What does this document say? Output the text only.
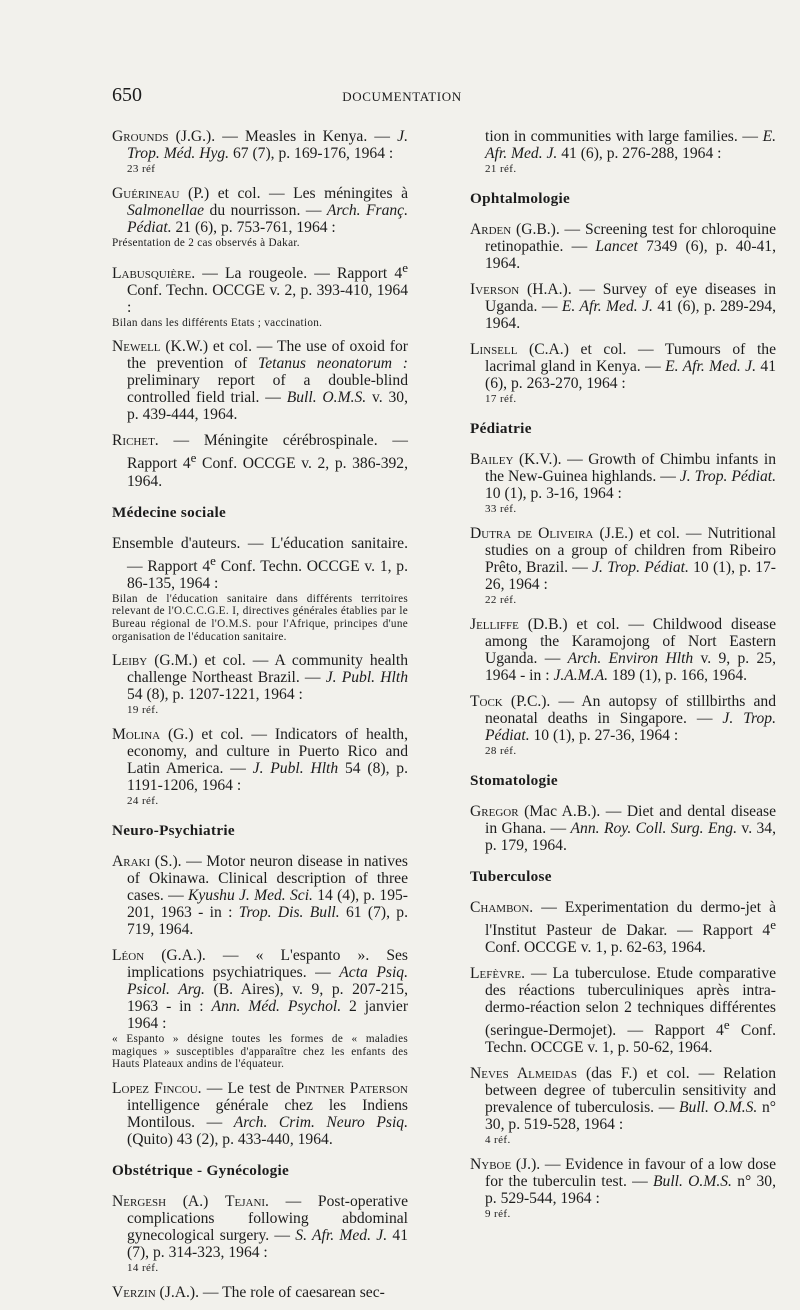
650	DOCUMENTATION
Grounds (J.G.). — Measles in Kenya. — J. Trop. Méd. Hyg. 67 (7), p. 169-176, 1964 :
23 réf
Guérineau (P.) et col. — Les méningites à Salmonellae du nourrisson. — Arch. Franç. Pédiat. 21 (6), p. 753-761, 1964 :
Présentation de 2 cas observés à Dakar.
Labusquière. — La rougeole. — Rapport 4e Conf. Techn. OCCGE v. 2, p. 393-410, 1964 :
Bilan dans les différents Etats ; vaccination.
Newell (K.W.) et col. — The use of oxoid for the prevention of Tetanus neonatorum : preliminary report of a double-blind controlled field trial. — Bull. O.M.S. v. 30, p. 439-444, 1964.
Richet. — Méningite cérébrospinale. — Rapport 4e Conf. OCCGE v. 2, p. 386-392, 1964.
Médecine sociale
Ensemble d'auteurs. — L'éducation sanitaire. — Rapport 4e Conf. Techn. OCCGE v. 1, p. 86-135, 1964 :
Bilan de l'éducation sanitaire dans différents territoires relevant de l'O.C.C.G.E. I, directives générales établies par le Bureau régional de l'O.M.S. pour l'Afrique, principes d'une organisation de l'éducation sanitaire.
Leiby (G.M.) et col. — A community health challenge Northeast Brazil. — J. Publ. Hlth 54 (8), p. 1207-1221, 1964 :
19 réf.
Molina (G.) et col. — Indicators of health, economy, and culture in Puerto Rico and Latin America. — J. Publ. Hlth 54 (8), p. 1191-1206, 1964 :
24 réf.
Neuro-Psychiatrie
Araki (S.). — Motor neuron disease in natives of Okinawa. Clinical description of three cases. — Kyushu J. Med. Sci. 14 (4), p. 195-201, 1963 - in : Trop. Dis. Bull. 61 (7), p. 719, 1964.
Léon (G.A.). — « L'espanto ». Ses implications psychiatriques. — Acta Psiq. Psicol. Arg. (B. Aires), v. 9, p. 207-215, 1963 - in : Ann. Méd. Psychol. 2 janvier 1964 :
« Espanto » désigne toutes les formes de « maladies magiques » susceptibles d'apparaître chez les enfants des Hauts Plateaux andins de l'équateur.
Lopez Fincou. — Le test de Pintner Paterson intelligence générale chez les Indiens Montilous. — Arch. Crim. Neuro Psiq. (Quito) 43 (2), p. 433-440, 1964.
Obstétrique - Gynécologie
Nergesh (A.) Tejani. — Post-operative complications following abdominal gynecological surgery. — S. Afr. Med. J. 41 (7), p. 314-323, 1964 :
14 réf.
Verzin (J.A.). — The role of caesarean sec-
tion in communities with large families. — E. Afr. Med. J. 41 (6), p. 276-288, 1964 :
21 réf.
Ophtalmologie
Arden (G.B.). — Screening test for chloroquine retinopathie. — Lancet 7349 (6), p. 40-41, 1964.
Iverson (H.A.). — Survey of eye diseases in Uganda. — E. Afr. Med. J. 41 (6), p. 289-294, 1964.
Linsell (C.A.) et col. — Tumours of the lacrimal gland in Kenya. — E. Afr. Med. J. 41 (6), p. 263-270, 1964 :
17 réf.
Pédiatrie
Bailey (K.V.). — Growth of Chimbu infants in the New-Guinea highlands. — J. Trop. Pédiat. 10 (1), p. 3-16, 1964 :
33 réf.
Dutra de Oliveira (J.E.) et col. — Nutritional studies on a group of children from Ribeiro Prêto, Brazil. — J. Trop. Pédiat. 10 (1), p. 17-26, 1964 :
22 réf.
Jelliffe (D.B.) et col. — Childwood disease among the Karamojong of Nort Eastern Uganda. — Arch. Environ Hlth v. 9, p. 25, 1964 - in : J.A.M.A. 189 (1), p. 166, 1964.
Tock (P.C.). — An autopsy of stillbirths and neonatal deaths in Singapore. — J. Trop. Pédiat. 10 (1), p. 27-36, 1964 :
28 réf.
Stomatologie
Gregor (Mac A.B.). — Diet and dental disease in Ghana. — Ann. Roy. Coll. Surg. Eng. v. 34, p. 179, 1964.
Tuberculose
Chambon. — Experimentation du dermo-jet à l'Institut Pasteur de Dakar. — Rapport 4e Conf. OCCGE v. 1, p. 62-63, 1964.
Lefèvre. — La tuberculose. Etude comparative des réactions tuberculiniques après intra-dermo-réaction selon 2 techniques différentes (seringue-Dermojet). — Rapport 4e Conf. Techn. OCCGE v. 1, p. 50-62, 1964.
Neves Almeidas (das F.) et col. — Relation between degree of tuberculin sensitivity and prevalence of tuberculosis. — Bull. O.M.S. n° 30, p. 519-528, 1964 :
4 réf.
Nyboe (J.). — Evidence in favour of a low dose for the tuberculin test. — Bull. O.M.S. n° 30, p. 529-544, 1964 :
9 réf.
